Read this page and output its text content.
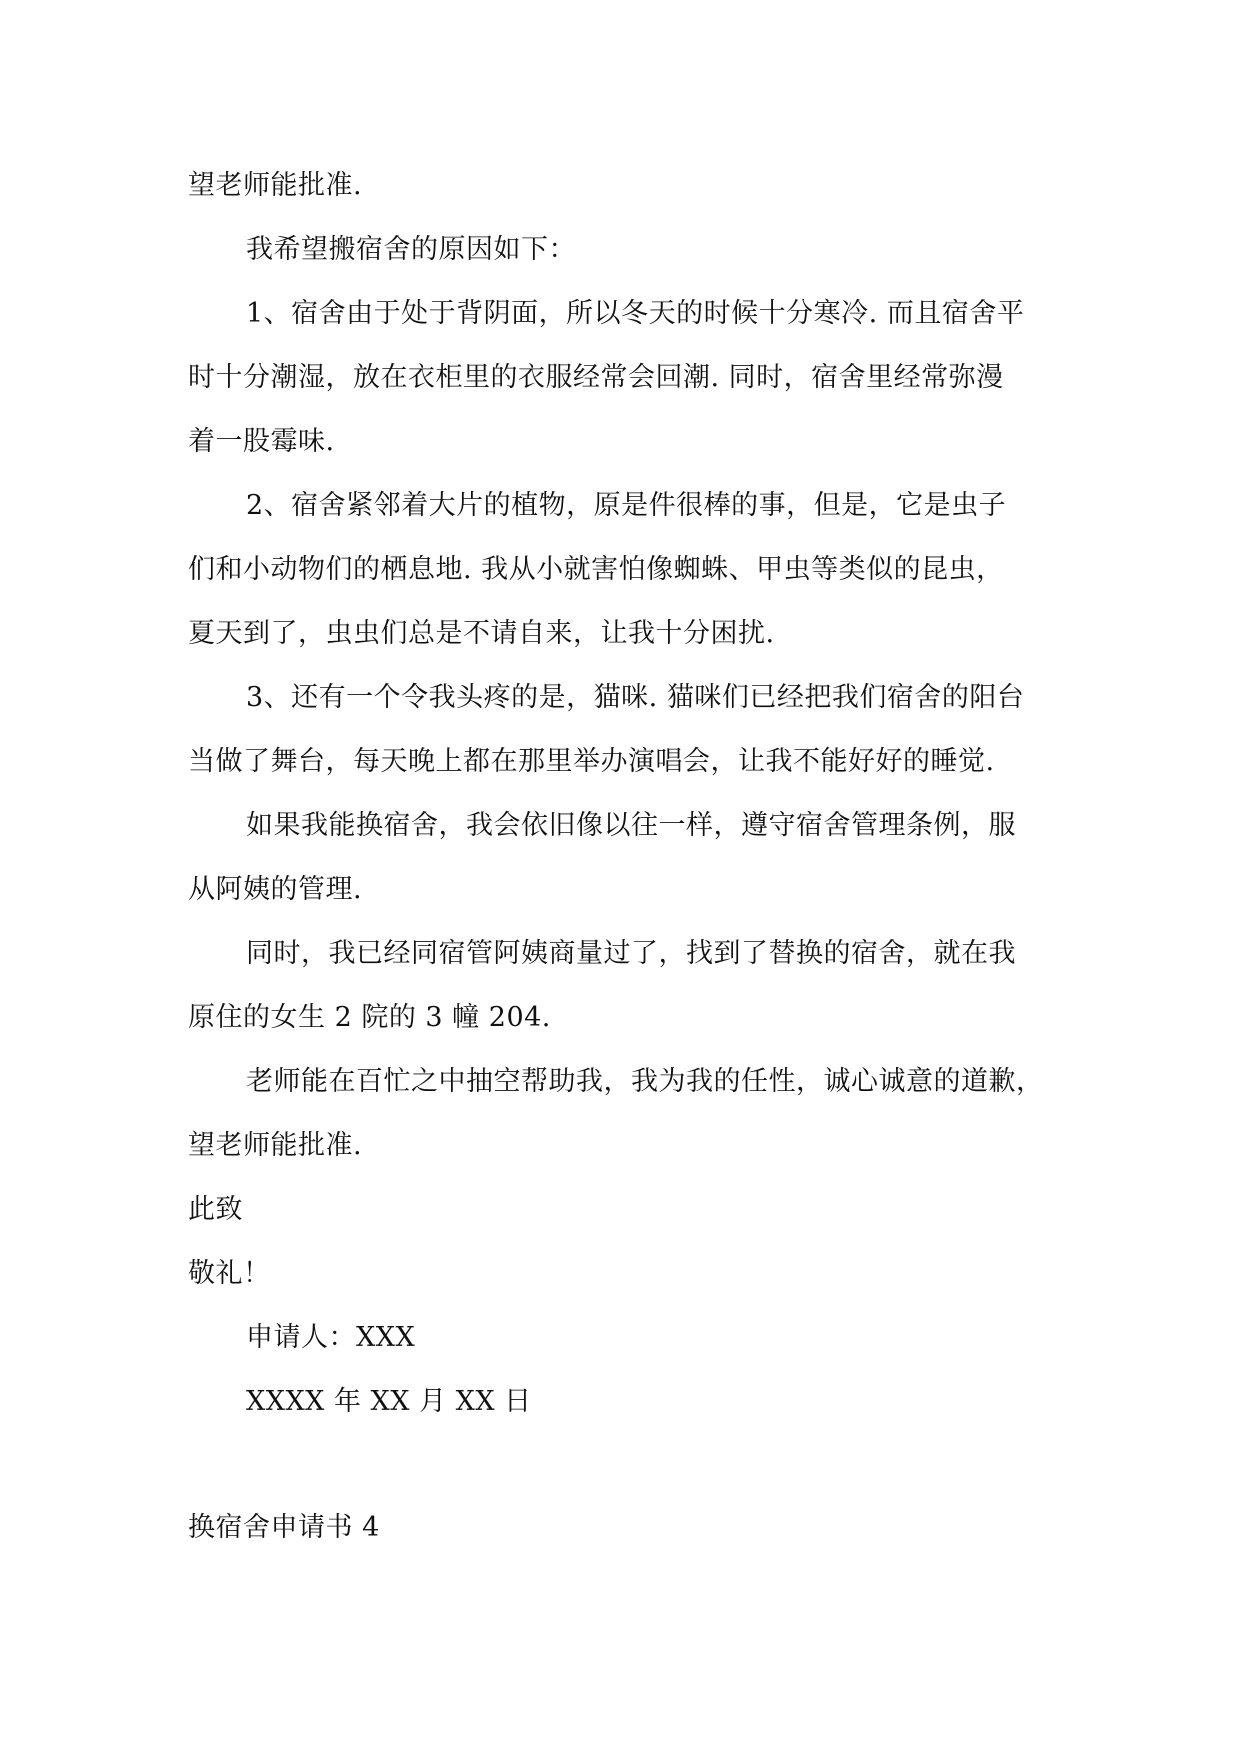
望老师能批准.
我希望搬宿舍的原因如下：
1、宿舍由于处于背阴面，所以冬天的时候十分寒冷. 而且宿舍平
时十分潮湿，放在衣柜里的衣服经常会回潮. 同时，宿舍里经常弥漫
着一股霉味.
2、宿舍紧邻着大片的植物，原是件很棒的事，但是，它是虫子
们和小动物们的栖息地. 我从小就害怕像蜘蛛、甲虫等类似的昆虫，
夏天到了，虫虫们总是不请自来，让我十分困扰.
3、还有一个令我头疼的是，猫咪. 猫咪们已经把我们宿舍的阳台
当做了舞台，每天晚上都在那里举办演唱会，让我不能好好的睡觉.
如果我能换宿舍，我会依旧像以往一样，遵守宿舍管理条例，服
从阿姨的管理.
同时，我已经同宿管阿姨商量过了，找到了替换的宿舍，就在我
原住的女生 2 院的 3 幢 204.
老师能在百忙之中抽空帮助我，我为我的任性，诚心诚意的道歉，
望老师能批准.
此致
敬礼！
申请人：XXX
XXXX 年 XX 月 XX 日
换宿舍申请书 4
